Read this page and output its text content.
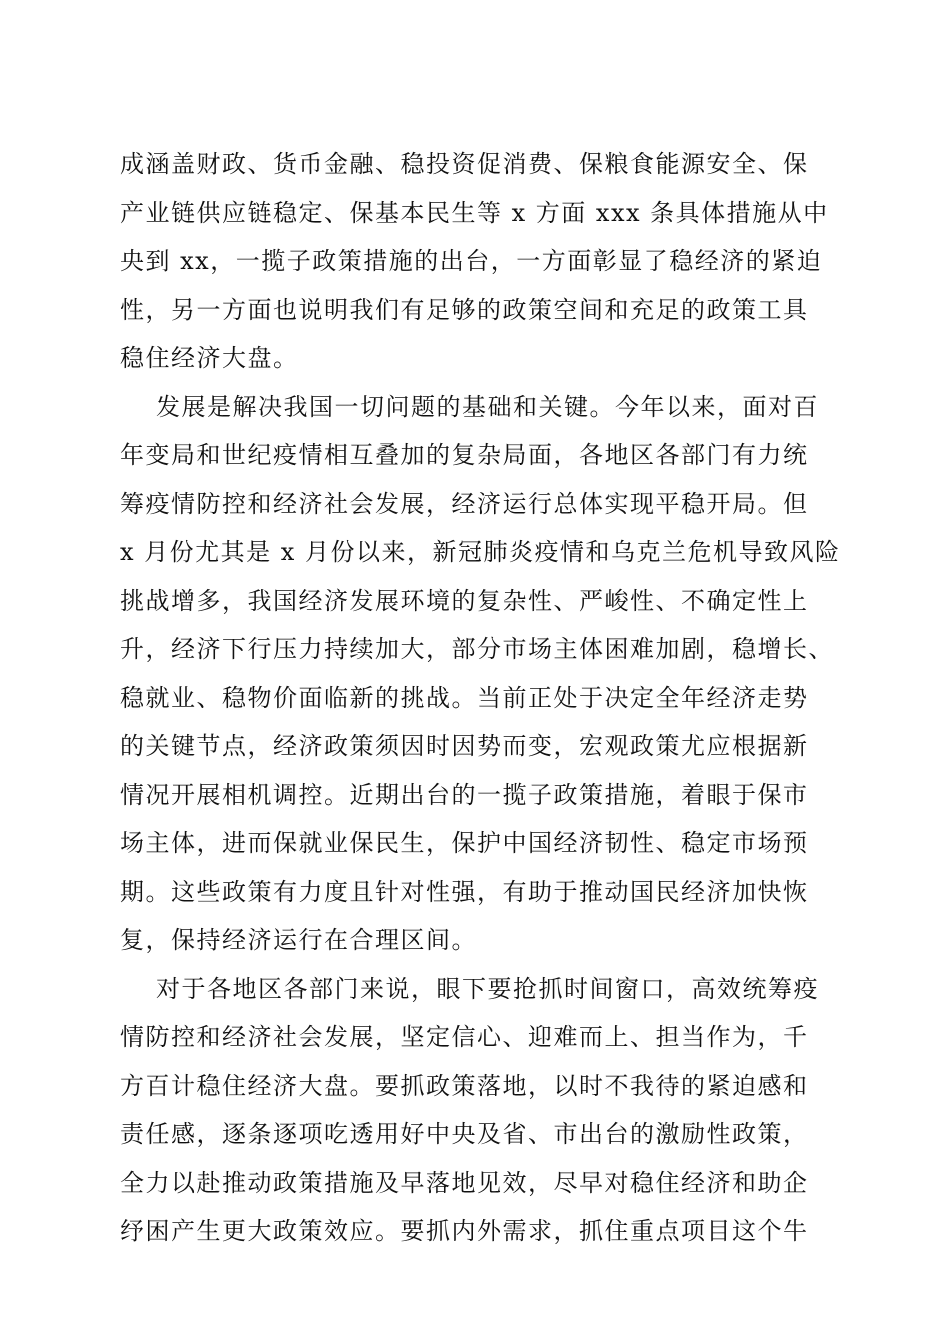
成涵盖财政、货币金融、稳投资促消费、保粮食能源安全、保
产业链供应链稳定、保基本民生等 x 方面 xxx 条具体措施从中
央到 xx，一揽子政策措施的出台，一方面彰显了稳经济的紧迫
性，另一方面也说明我们有足够的政策空间和充足的政策工具
稳住经济大盘。
发展是解决我国一切问题的基础和关键。今年以来，面对百
年变局和世纪疫情相互叠加的复杂局面，各地区各部门有力统
筹疫情防控和经济社会发展，经济运行总体实现平稳开局。但
x 月份尤其是 x 月份以来，新冠肺炎疫情和乌克兰危机导致风险
挑战增多，我国经济发展环境的复杂性、严峻性、不确定性上
升，经济下行压力持续加大，部分市场主体困难加剧，稳增长、
稳就业、稳物价面临新的挑战。当前正处于决定全年经济走势
的关键节点，经济政策须因时因势而变，宏观政策尤应根据新
情况开展相机调控。近期出台的一揽子政策措施，着眼于保市
场主体，进而保就业保民生，保护中国经济韧性、稳定市场预
期。这些政策有力度且针对性强，有助于推动国民经济加快恢
复，保持经济运行在合理区间。
对于各地区各部门来说，眼下要抢抓时间窗口，高效统筹疫
情防控和经济社会发展，坚定信心、迎难而上、担当作为，千
方百计稳住经济大盘。要抓政策落地，以时不我待的紧迫感和
责任感，逐条逐项吃透用好中央及省、市出台的激励性政策，
全力以赴推动政策措施及早落地见效，尽早对稳住经济和助企
纾困产生更大政策效应。要抓内外需求，抓住重点项目这个牛
